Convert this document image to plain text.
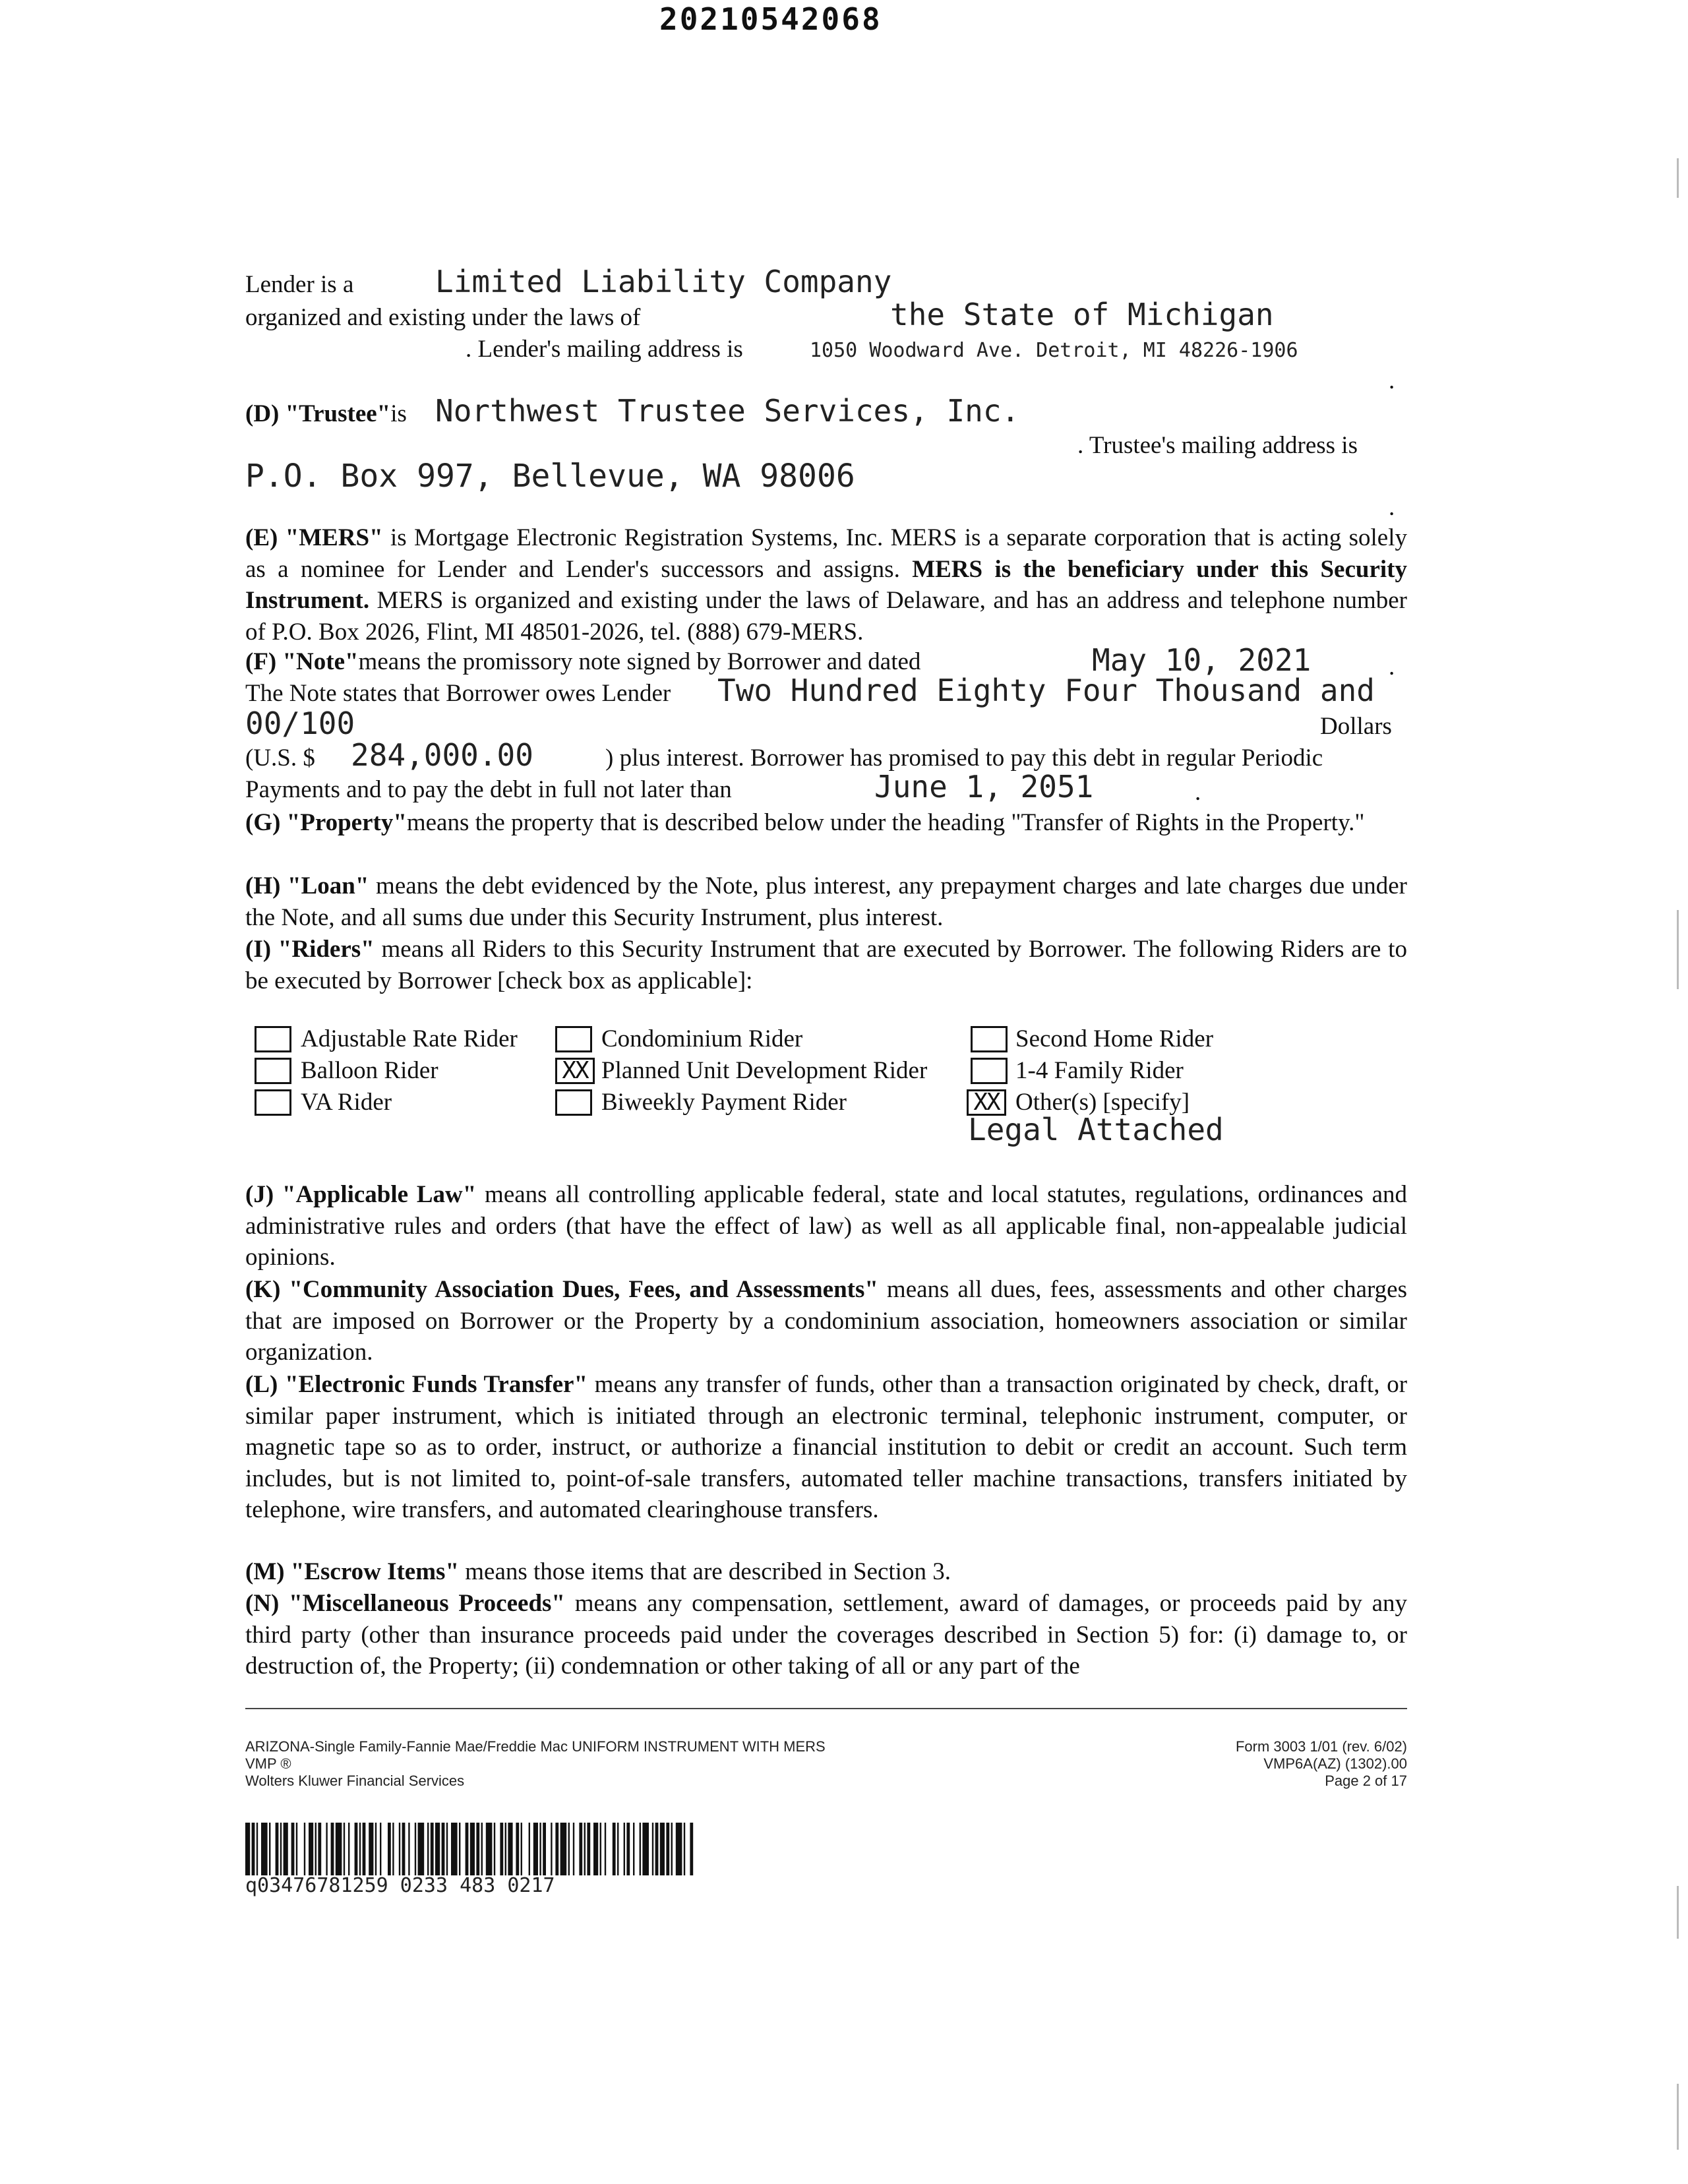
20210542068
Lender is a	Limited Liability Company
organized and existing under the laws of	the State of Michigan
. Lender's mailing address is	1050 Woodward Ave. Detroit, MI 48226-1906
.
(D) "Trustee"is Northwest Trustee Services, Inc.
. Trustee's mailing address is
P.O. Box 997, Bellevue, WA 98006
.
(E) "MERS" is Mortgage Electronic Registration Systems, Inc. MERS is a separate corporation that is acting solely as a nominee for Lender and Lender's successors and assigns. MERS is the beneficiary under this Security Instrument. MERS is organized and existing under the laws of Delaware, and has an address and telephone number of P.O. Box 2026, Flint, MI 48501-2026, tel. (888) 679-MERS.
(F) "Note"means the promissory note signed by Borrower and dated	May 10, 2021	.
The Note states that Borrower owes Lender Two Hundred Eighty Four Thousand and
00/100	Dollars
(U.S. $ 284,000.00	) plus interest. Borrower has promised to pay this debt in regular Periodic
Payments and to pay the debt in full not later than	June 1, 2051	.
(G) "Property"means the property that is described below under the heading "Transfer of Rights in the Property."
(H) "Loan" means the debt evidenced by the Note, plus interest, any prepayment charges and late charges due under the Note, and all sums due under this Security Instrument, plus interest.
(I) "Riders" means all Riders to this Security Instrument that are executed by Borrower. The following Riders are to be executed by Borrower [check box as applicable]:
Adjustable Rate Rider	Condominium Rider	Second Home Rider
Balloon Rider	XX Planned Unit Development Rider	1-4 Family Rider
VA Rider	Biweekly Payment Rider	XX Other(s) [specify]
Legal Attached
(J) "Applicable Law" means all controlling applicable federal, state and local statutes, regulations, ordinances and administrative rules and orders (that have the effect of law) as well as all applicable final, non-appealable judicial opinions.
(K) "Community Association Dues, Fees, and Assessments" means all dues, fees, assessments and other charges that are imposed on Borrower or the Property by a condominium association, homeowners association or similar organization.
(L) "Electronic Funds Transfer" means any transfer of funds, other than a transaction originated by check, draft, or similar paper instrument, which is initiated through an electronic terminal, telephonic instrument, computer, or magnetic tape so as to order, instruct, or authorize a financial institution to debit or credit an account. Such term includes, but is not limited to, point-of-sale transfers, automated teller machine transactions, transfers initiated by telephone, wire transfers, and automated clearinghouse transfers.
(M) "Escrow Items" means those items that are described in Section 3.
(N) "Miscellaneous Proceeds" means any compensation, settlement, award of damages, or proceeds paid by any third party (other than insurance proceeds paid under the coverages described in Section 5) for: (i) damage to, or destruction of, the Property; (ii) condemnation or other taking of all or any part of the
ARIZONA-Single Family-Fannie Mae/Freddie Mac UNIFORM INSTRUMENT WITH MERS
VMP ®
Wolters Kluwer Financial Services
Form 3003 1/01 (rev. 6/02)
VMP6A(AZ) (1302).00
Page 2 of 17
q03476781259 0233 483 0217
